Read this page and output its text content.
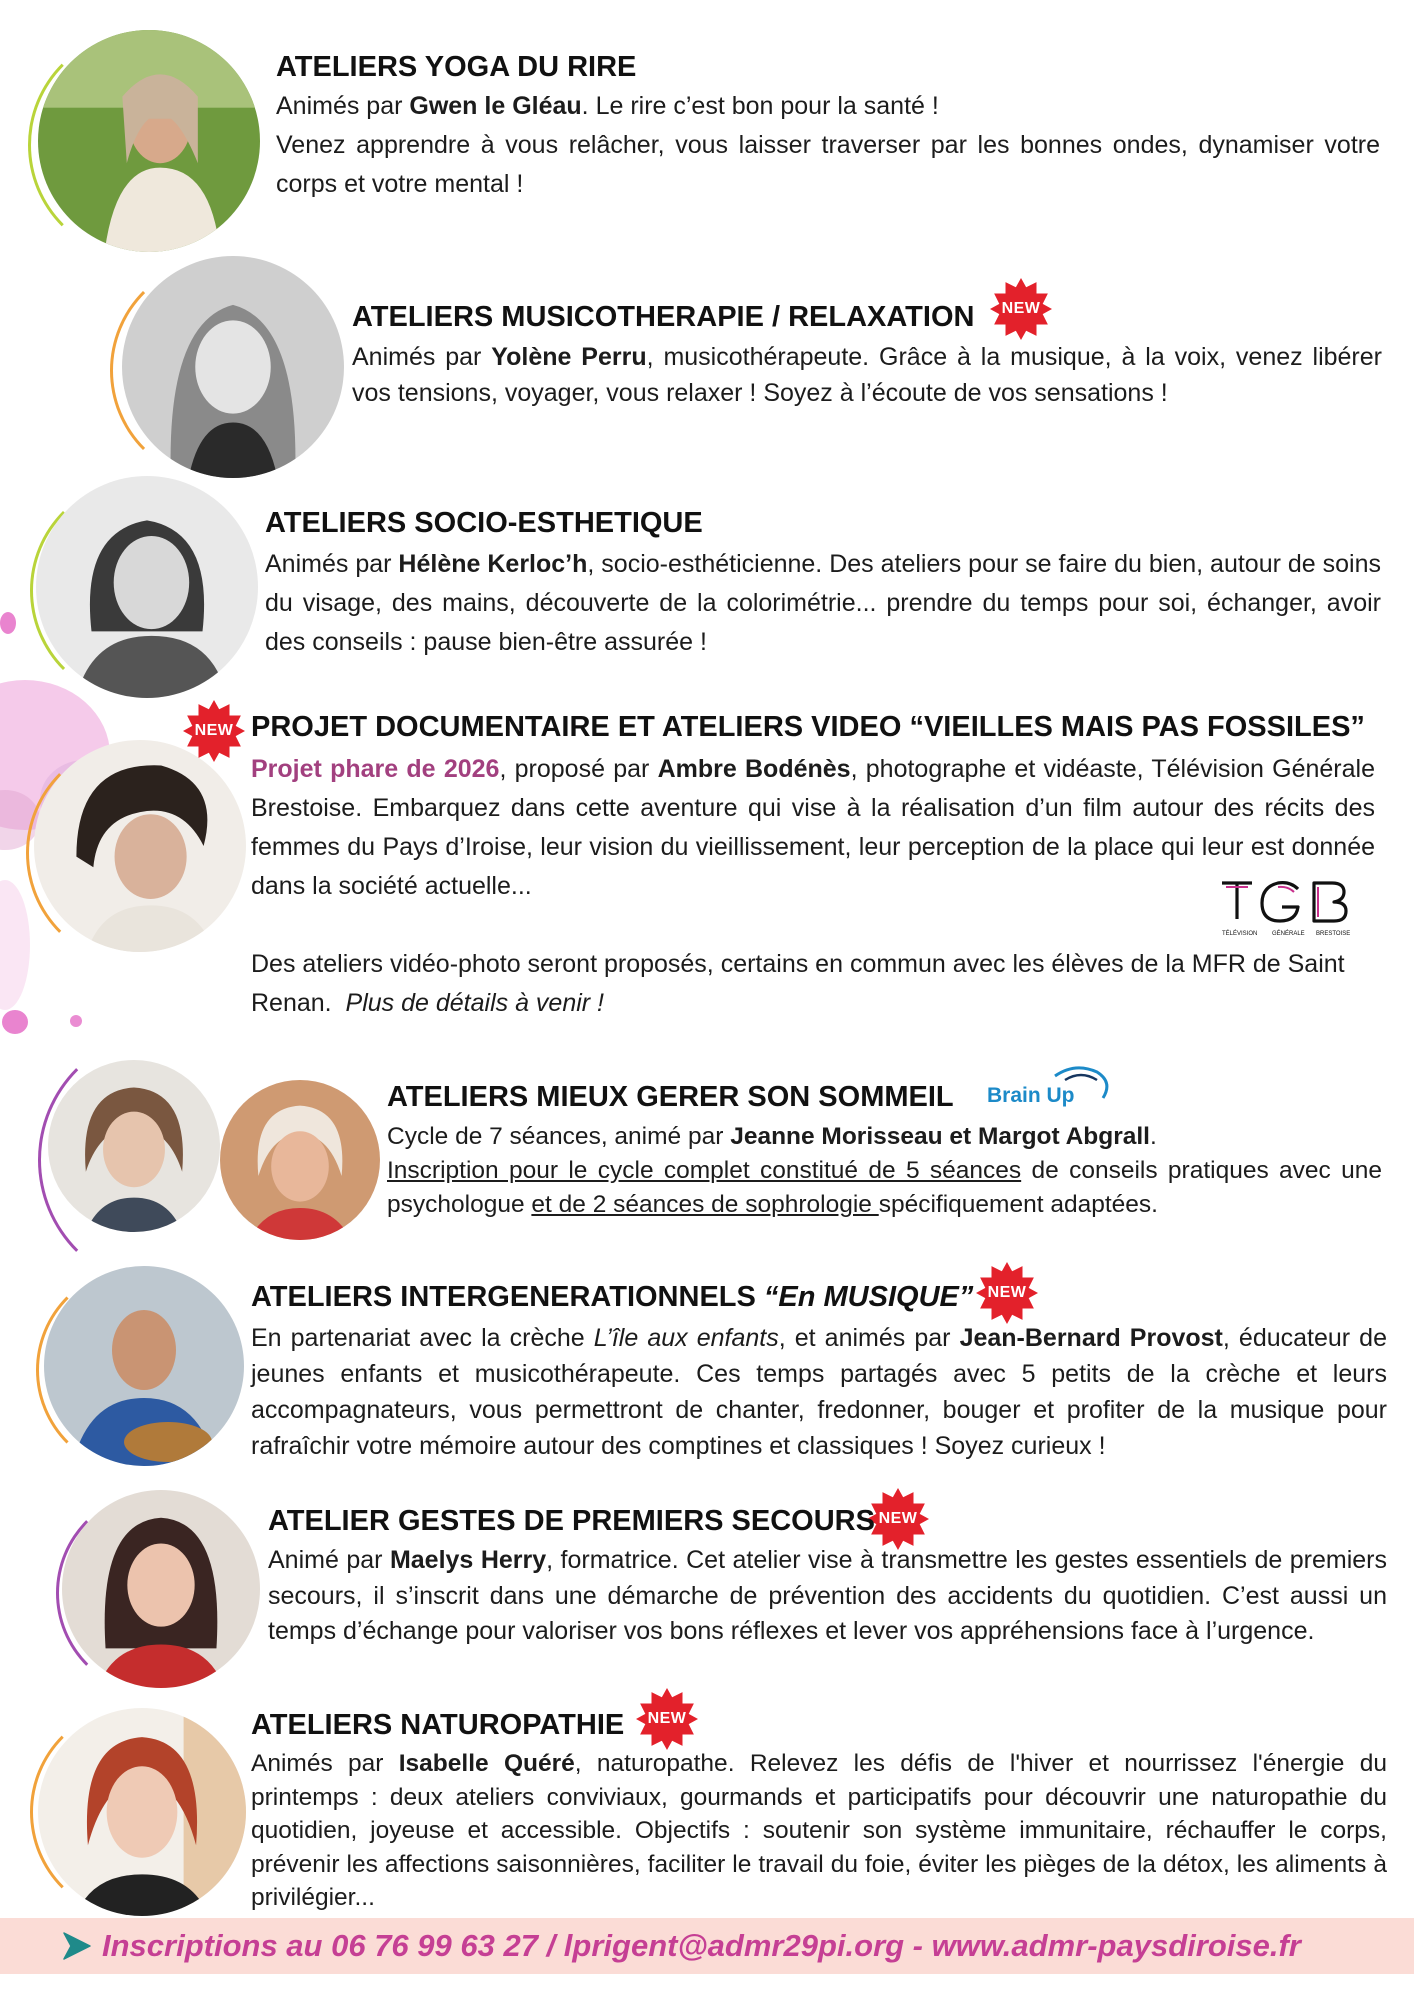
ATELIERS YOGA DU RIRE
Animés par Gwen le Gléau. Le rire c’est bon pour la santé !
Venez apprendre à vous relâcher, vous laisser traverser par les bonnes ondes, dynamiser votre corps et votre mental !
ATELIERS MUSICOTHERAPIE / RELAXATION
Animés par Yolène Perru, musicothérapeute. Grâce à la musique, à la voix, venez libérer vos tensions, voyager, vous relaxer ! Soyez à l’écoute de vos sensations !
NEW
ATELIERS SOCIO-ESTHETIQUE
Animés par Hélène Kerloc’h, socio-esthéticienne. Des ateliers pour se faire du bien, autour de soins du visage, des mains, découverte de la colorimétrie... prendre du temps pour soi, échanger, avoir des conseils : pause bien-être assurée !
NEW PROJET DOCUMENTAIRE ET ATELIERS VIDEO “VIEILLES MAIS PAS FOSSILES”
Projet phare de 2026, proposé par Ambre Bodénès, photographe et vidéaste, Télévision Générale Brestoise. Embarquez dans cette aventure qui vise à la réalisation d’un film autour des récits des femmes du Pays d’Iroise, leur vision du vieillissement, leur perception de la place qui leur est donnée dans la société actuelle...
Des ateliers vidéo-photo seront proposés, certains en commun avec les élèves de la MFR de Saint Renan. Plus de détails à venir !
TÉLÉVISION GÉNÉRALE BRESTOISE
Brain Up
ATELIERS MIEUX GERER SON SOMMEIL
Cycle de 7 séances, animé par Jeanne Morisseau et Margot Abgrall.
Inscription pour le cycle complet constitué de 5 séances de conseils pratiques avec une psychologue et de 2 séances de sophrologie spécifiquement adaptées.
NEW
ATELIERS INTERGENERATIONNELS “En MUSIQUE”
En partenariat avec la crèche L’île aux enfants, et animés par Jean-Bernard Provost, éducateur de jeunes enfants et musicothérapeute. Ces temps partagés avec 5 petits de la crèche et leurs accompagnateurs, vous permettront de chanter, fredonner, bouger et profiter de la musique pour rafraîchir votre mémoire autour des comptines et classiques ! Soyez curieux !
NEW
ATELIER GESTES DE PREMIERS SECOURS
Animé par Maelys Herry, formatrice. Cet atelier vise à transmettre les gestes essentiels de premiers secours, il s’inscrit dans une démarche de prévention des accidents du quotidien. C’est aussi un temps d’échange pour valoriser vos bons réflexes et lever vos appréhensions face à l’urgence.
NEW
ATELIERS NATUROPATHIE
Animés par Isabelle Quéré, naturopathe. Relevez les défis de l'hiver et nourrissez l'énergie du printemps : deux ateliers conviviaux, gourmands et participatifs pour découvrir une naturopathie du quotidien, joyeuse et accessible. Objectifs : soutenir son système immunitaire, réchauffer le corps, prévenir les affections saisonnières, faciliter le travail du foie, éviter les pièges de la détox, les aliments à privilégier...
Inscriptions au 06 76 99 63 27 / lprigent@admr29pi.org - www.admr-paysdiroise.fr
